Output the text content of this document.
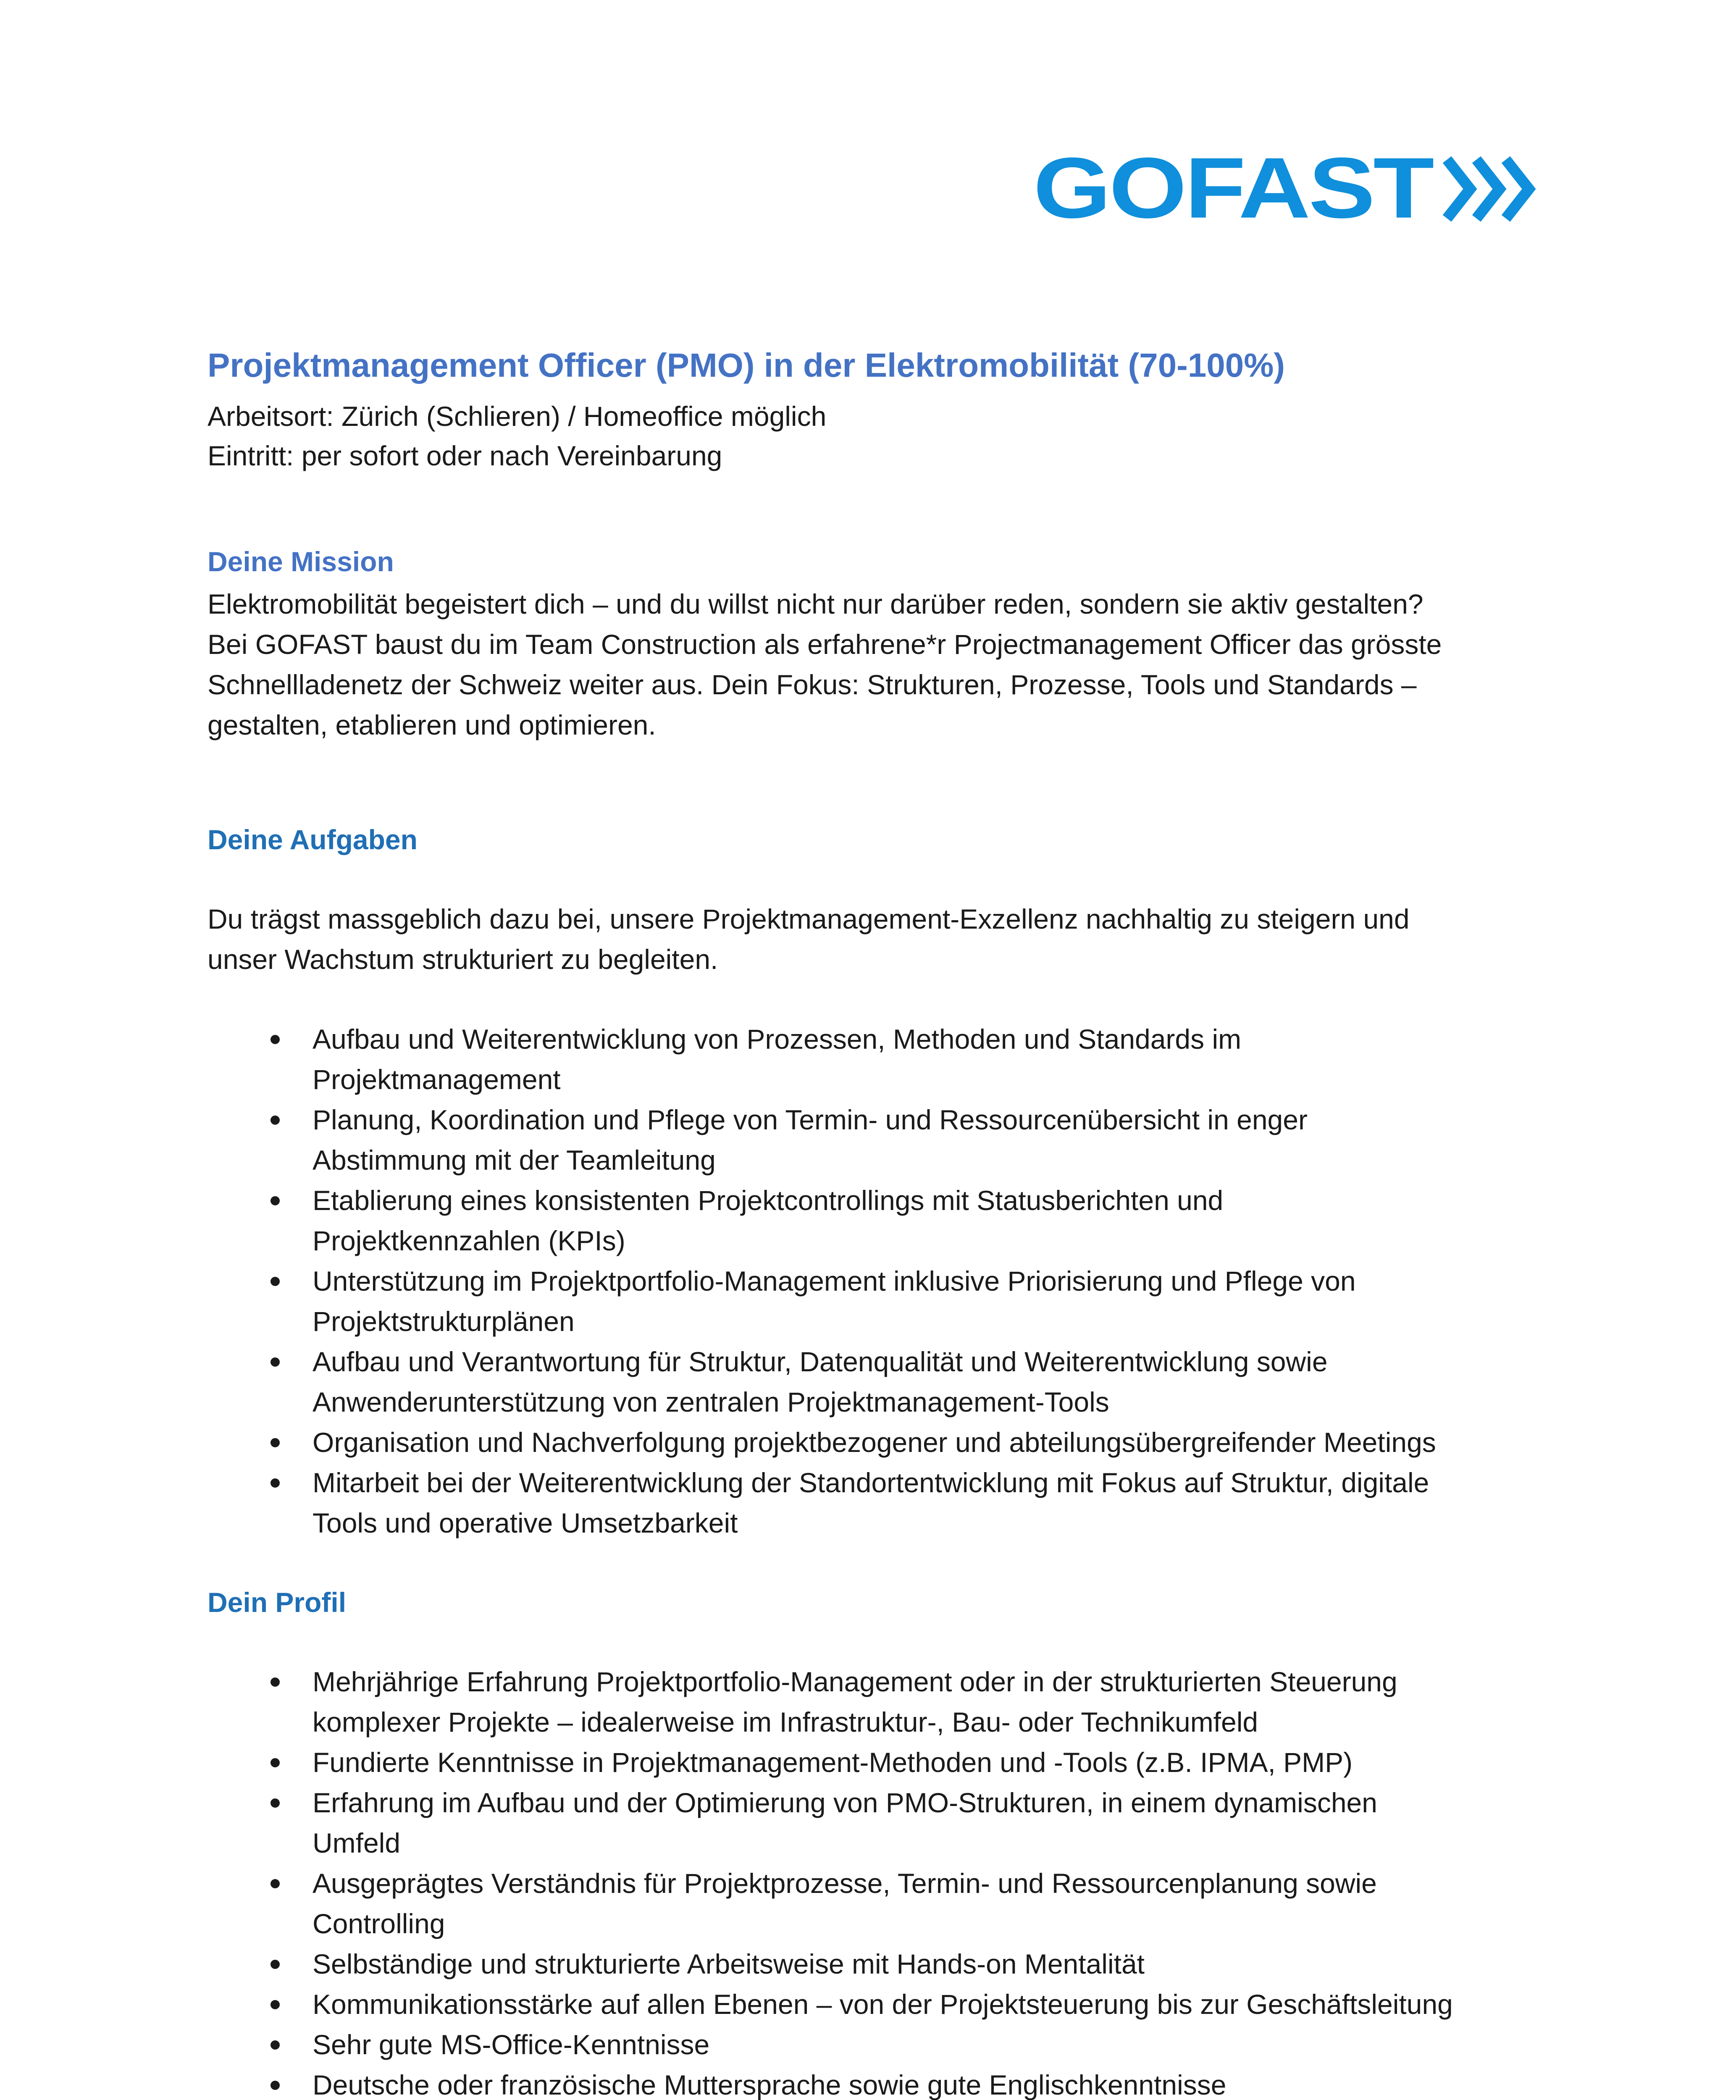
GOFAST
Projektmanagement Officer (PMO) in der Elektromobilität (70-100%)

Arbeitsort: Zürich (Schlieren) / Homeoffice möglich

Eintritt: per sofort oder nach Vereinbarung

Deine Mission
Elektromobilität begeistert dich – und du willst nicht nur darüber reden, sondern sie aktiv gestalten?
Bei GOFAST baust du im Team Construction als erfahrene*r Projectmanagement Officer das grösste
Schnellladenetz der Schweiz weiter aus. Dein Fokus: Strukturen, Prozesse, Tools und Standards –
gestalten, etablieren und optimieren.
Deine Aufgaben
Du trägst massgeblich dazu bei, unsere Projektmanagement-Exzellenz nachhaltig zu steigern und
unser Wachstum strukturiert zu begleiten.
Aufbau und Weiterentwicklung von Prozessen, Methoden und Standards im
Projektmanagement
Planung, Koordination und Pflege von Termin- und Ressourcenübersicht in enger
Abstimmung mit der Teamleitung
Etablierung eines konsistenten Projektcontrollings mit Statusberichten und
Projektkennzahlen (KPIs)
Unterstützung im Projektportfolio-Management inklusive Priorisierung und Pflege von
Projektstrukturplänen
Aufbau und Verantwortung für Struktur, Datenqualität und Weiterentwicklung sowie
Anwenderunterstützung von zentralen Projektmanagement-Tools
Organisation und Nachverfolgung projektbezogener und abteilungsübergreifender Meetings
Mitarbeit bei der Weiterentwicklung der Standortentwicklung mit Fokus auf Struktur, digitale
Tools und operative Umsetzbarkeit
Dein Profil
Mehrjährige Erfahrung Projektportfolio-Management oder in der strukturierten Steuerung
komplexer Projekte – idealerweise im Infrastruktur-, Bau- oder Technikumfeld
Fundierte Kenntnisse in Projektmanagement-Methoden und -Tools (z.B. IPMA, PMP)
Erfahrung im Aufbau und der Optimierung von PMO-Strukturen, in einem dynamischen
Umfeld
Ausgeprägtes Verständnis für Projektprozesse, Termin- und Ressourcenplanung sowie
Controlling
Selbständige und strukturierte Arbeitsweise mit Hands-on Mentalität
Kommunikationsstärke auf allen Ebenen – von der Projektsteuerung bis zur Geschäftsleitung
Sehr gute MS-Office-Kenntnisse
Deutsche oder französische Muttersprache sowie gute Englischkenntnisse
